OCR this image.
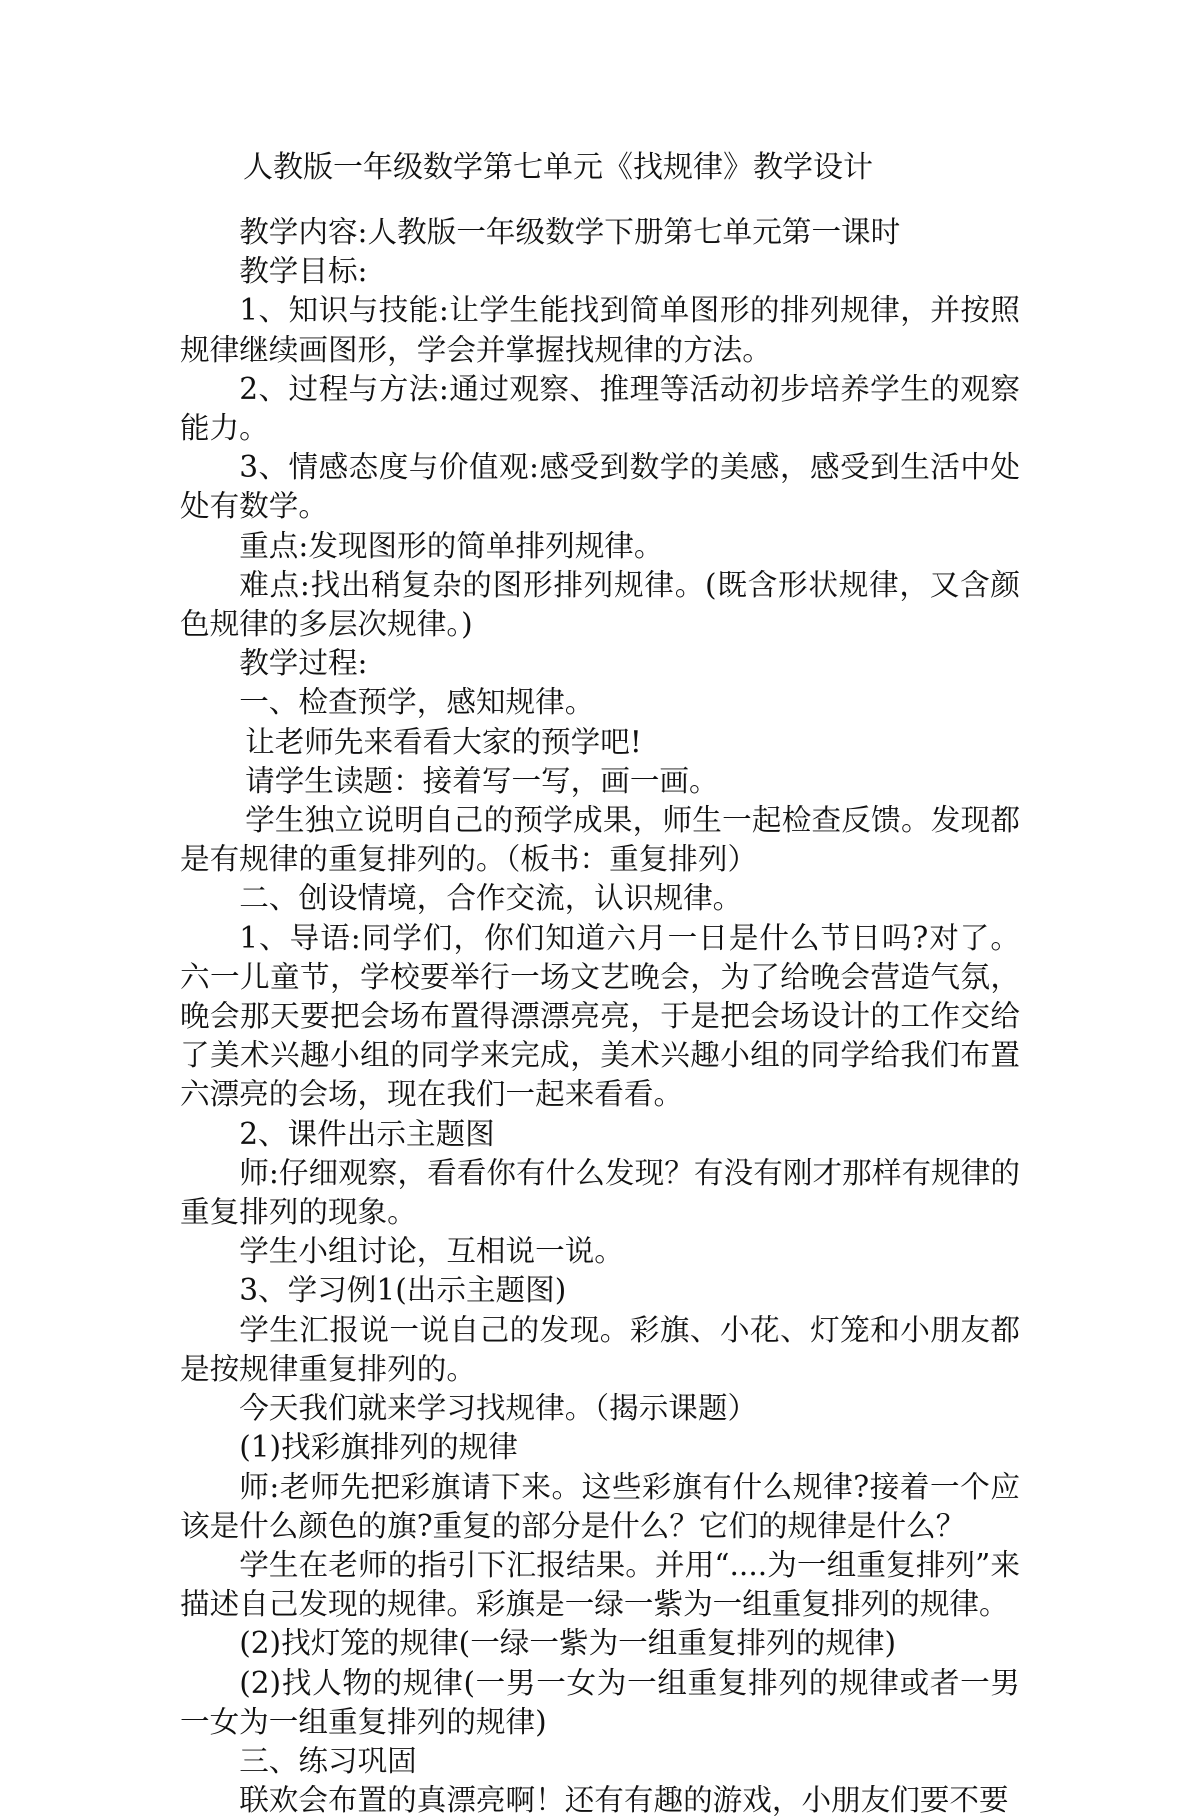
人教版一年级数学第七单元《找规律》教学设计

教学内容:人教版一年级数学下册第七单元第一课时

教学目标:

1、知识与技能:让学生能找到简单图形的排列规律，并按照规律继续画图形，学会并掌握找规律的方法。

2、过程与方法:通过观察、推理等活动初步培养学生的观察能力。

3、情感态度与价值观:感受到数学的美感，感受到生活中处处有数学。

重点:发现图形的简单排列规律。

难点:找出稍复杂的图形排列规律。(既含形状规律，又含颜色规律的多层次规律。)

教学过程:

一、检查预学，感知规律。

让老师先来看看大家的预学吧!

请学生读题：接着写一写，画一画。

学生独立说明自己的预学成果，师生一起检查反馈。发现都是有规律的重复排列的。（板书：重复排列）

二、创设情境，合作交流，认识规律。

1、导语:同学们，你们知道六月一日是什么节日吗?对了。六一儿童节，学校要举行一场文艺晚会，为了给晚会营造气氛，晚会那天要把会场布置得漂漂亮亮，于是把会场设计的工作交给了美术兴趣小组的同学来完成，美术兴趣小组的同学给我们布置六漂亮的会场，现在我们一起来看看。

2、课件出示主题图

师:仔细观察，看看你有什么发现？有没有刚才那样有规律的重复排列的现象。

学生小组讨论，互相说一说。

3、学习例1(出示主题图)

学生汇报说一说自己的发现。彩旗、小花、灯笼和小朋友都是按规律重复排列的。

今天我们就来学习找规律。（揭示课题）

(1)找彩旗排列的规律

师:老师先把彩旗请下来。这些彩旗有什么规律?接着一个应该是什么颜色的旗?重复的部分是什么？它们的规律是什么？

学生在老师的指引下汇报结果。并用“....为一组重复排列”来描述自己发现的规律。彩旗是一绿一紫为一组重复排列的规律。

(2)找灯笼的规律(一绿一紫为一组重复排列的规律)

(2)找人物的规律(一男一女为一组重复排列的规律或者一男一女为一组重复排列的规律)

三、练习巩固

联欢会布置的真漂亮啊！还有有趣的游戏，小朋友们要不要
